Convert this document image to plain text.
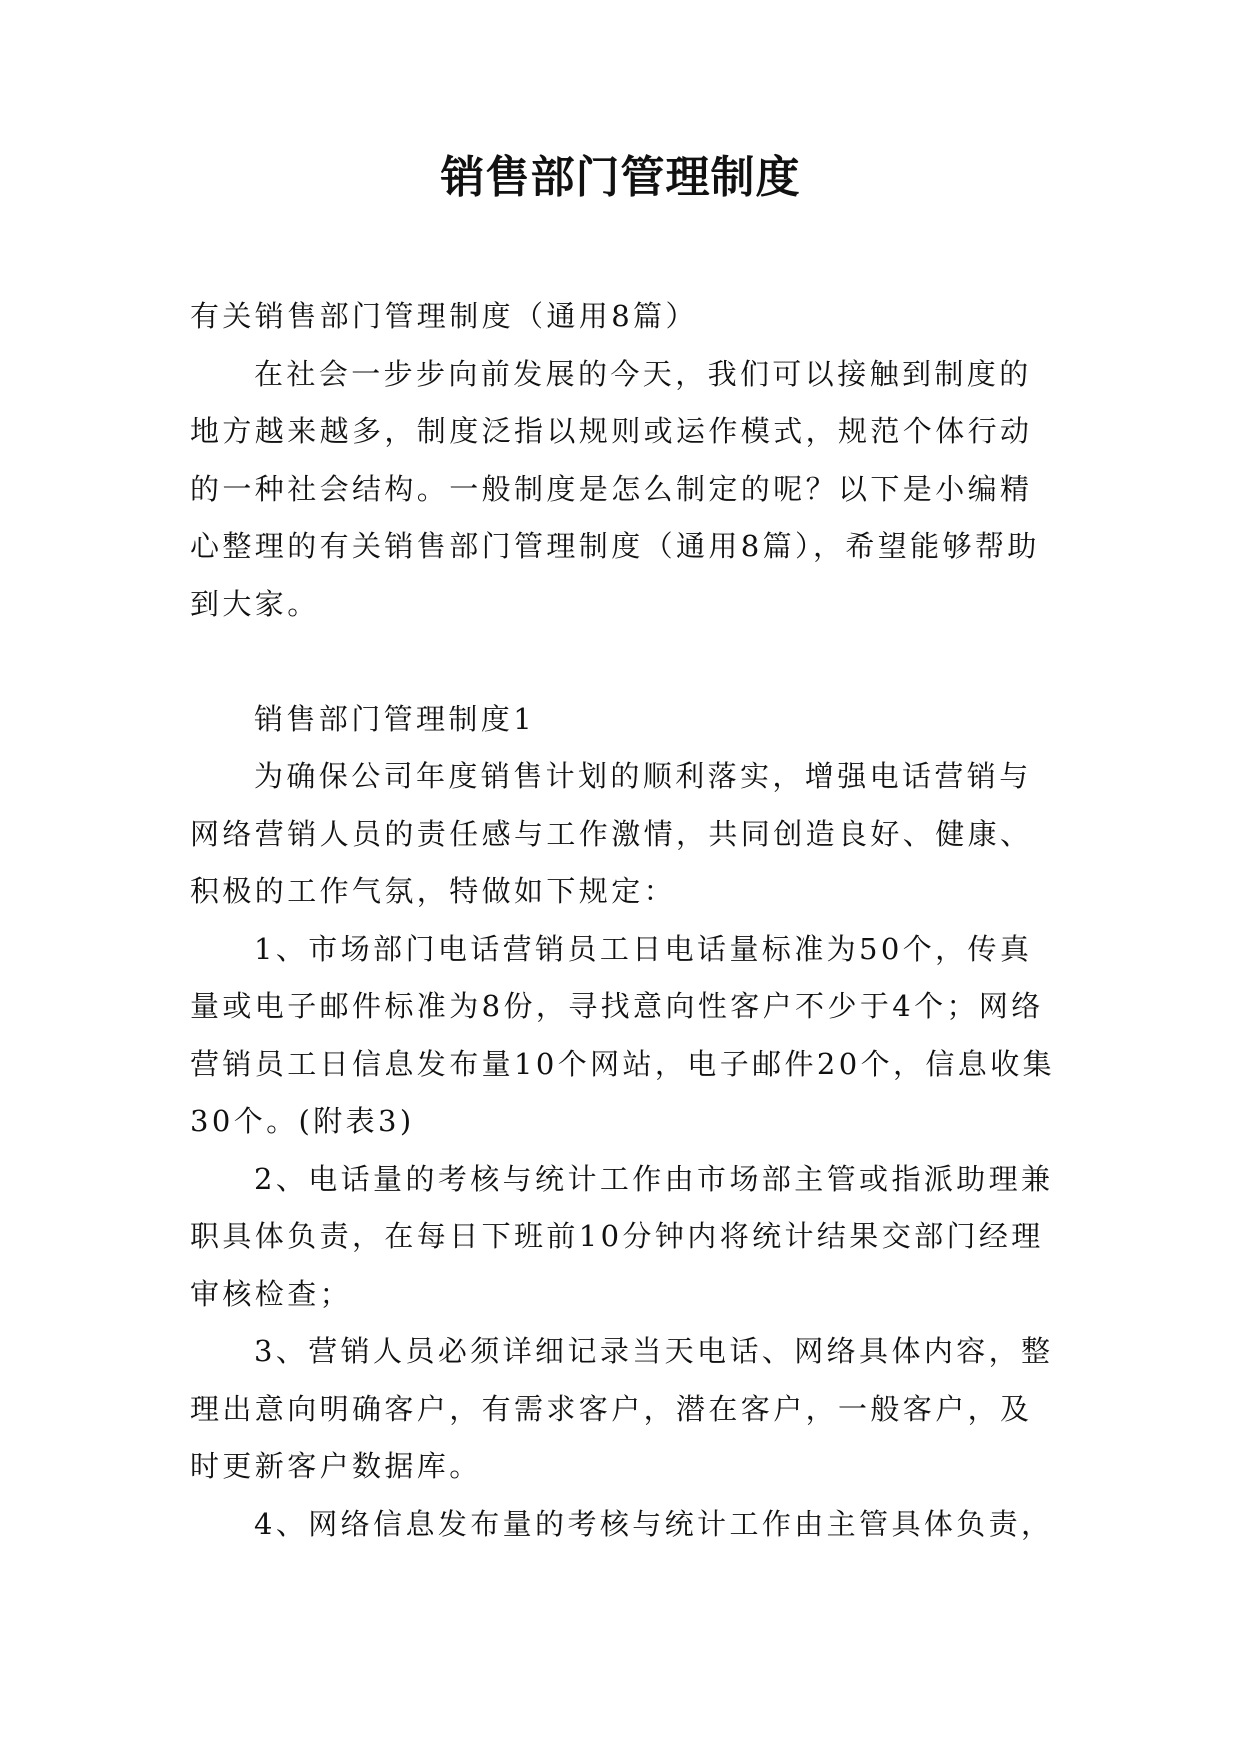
销售部门管理制度

有关销售部门管理制度（通用8篇）

在社会一步步向前发展的今天，我们可以接触到制度的地方越来越多，制度泛指以规则或运作模式，规范个体行动的一种社会结构。一般制度是怎么制定的呢？以下是小编精心整理的有关销售部门管理制度（通用8篇），希望能够帮助到大家。

销售部门管理制度1

为确保公司年度销售计划的顺利落实，增强电话营销与网络营销人员的责任感与工作激情，共同创造良好、健康、积极的工作气氛，特做如下规定：

1、市场部门电话营销员工日电话量标准为50个，传真量或电子邮件标准为8份，寻找意向性客户不少于4个；网络营销员工日信息发布量10个网站，电子邮件20个，信息收集30个。(附表3)

2、电话量的考核与统计工作由市场部主管或指派助理兼职具体负责，在每日下班前10分钟内将统计结果交部门经理审核检查；

3、营销人员必须详细记录当天电话、网络具体内容，整理出意向明确客户，有需求客户，潜在客户，一般客户，及时更新客户数据库。

4、网络信息发布量的考核与统计工作由主管具体负责，
